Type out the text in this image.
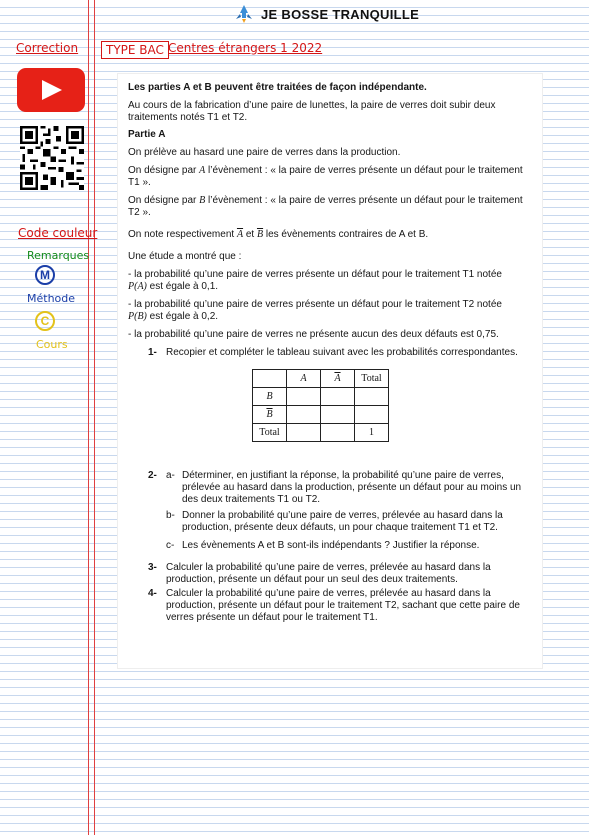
JE BOSSE TRANQUILLE
Correction	TYPE BAC Centres étrangers 1 2022
Code couleur
Remarques
M
Méthode
C
Cours

Les parties A et B peuvent être traitées de façon indépendante.

Au cours de la fabrication d’une paire de lunettes, la paire de verres doit subir deux traitements notés T1 et T2.

Partie A

On prélève au hasard une paire de verres dans la production.

On désigne par A l’évènement : « la paire de verres présente un défaut pour le traitement T1 ».

On désigne par B l’évènement : « la paire de verres présente un défaut pour le traitement T2 ».

On note respectivement $\overline{A}$ et $\overline{B}$ les évènements contraires de A et B.

Une étude a montré que :

- la probabilité qu’une paire de verres présente un défaut pour le traitement T1 notée
P(A) est égale à 0,1.

- la probabilité qu’une paire de verres présente un défaut pour le traitement T2 notée
P(B) est égale à 0,2.

- la probabilité qu’une paire de verres ne présente aucun des deux défauts est 0,75.

1- Recopier et compléter le tableau suivant avec les probabilités correspondantes.

	A	$\overline{A}$	Total
B			
$\overline{B}$			
Total			1

2- a- Déterminer, en justifiant la réponse, la probabilité qu’une paire de verres, prélevée au hasard dans la production, présente un défaut pour au moins un des deux traitements T1 ou T2.

b- Donner la probabilité qu’une paire de verres, prélevée au hasard dans la production, présente deux défauts, un pour chaque traitement T1 et T2.

c- Les évènements A et B sont-ils indépendants ? Justifier la réponse.

3- Calculer la probabilité qu’une paire de verres, prélevée au hasard dans la production, présente un défaut pour un seul des deux traitements.

4- Calculer la probabilité qu’une paire de verres, prélevée au hasard dans la production, présente un défaut pour le traitement T2, sachant que cette paire de verres présente un défaut pour le traitement T1.
